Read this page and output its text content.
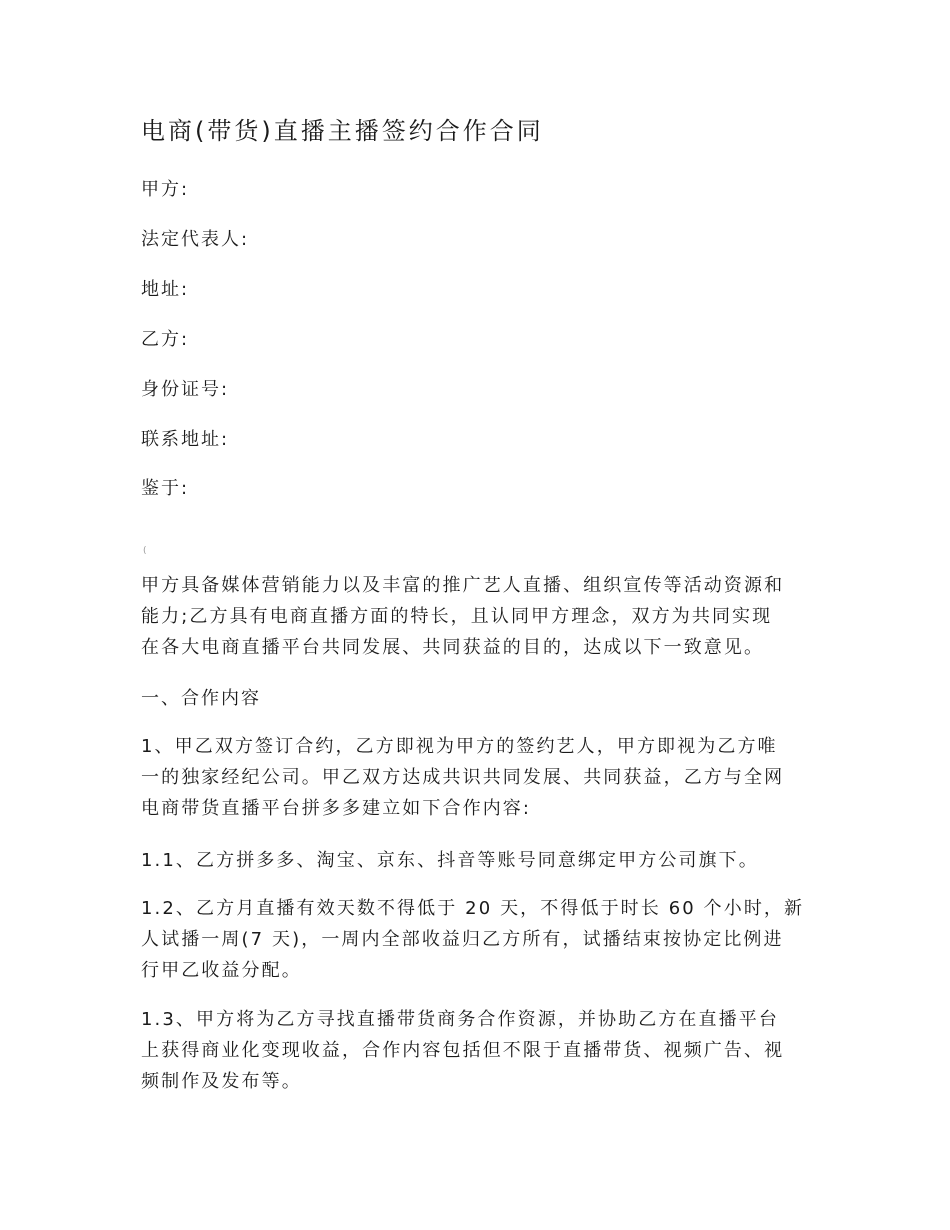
电商(带货)直播主播签约合作合同
甲方:
法定代表人:
地址:
乙方:
身份证号:
联系地址:
鉴于:
(
甲方具备媒体营销能力以及丰富的推广艺人直播、组织宣传等活动资源和
能力;乙方具有电商直播方面的特长，且认同甲方理念，双方为共同实现
在各大电商直播平台共同发展、共同获益的目的，达成以下一致意见。
一、合作内容
1、甲乙双方签订合约，乙方即视为甲方的签约艺人，甲方即视为乙方唯
一的独家经纪公司。甲乙双方达成共识共同发展、共同获益，乙方与全网
电商带货直播平台拼多多建立如下合作内容:
1.1、乙方拼多多、淘宝、京东、抖音等账号同意绑定甲方公司旗下。
1.2、乙方月直播有效天数不得低于 20 天，不得低于时长 60 个小时，新
人试播一周(7 天)，一周内全部收益归乙方所有，试播结束按协定比例进
行甲乙收益分配。
1.3、甲方将为乙方寻找直播带货商务合作资源，并协助乙方在直播平台
上获得商业化变现收益，合作内容包括但不限于直播带货、视频广告、视
频制作及发布等。
